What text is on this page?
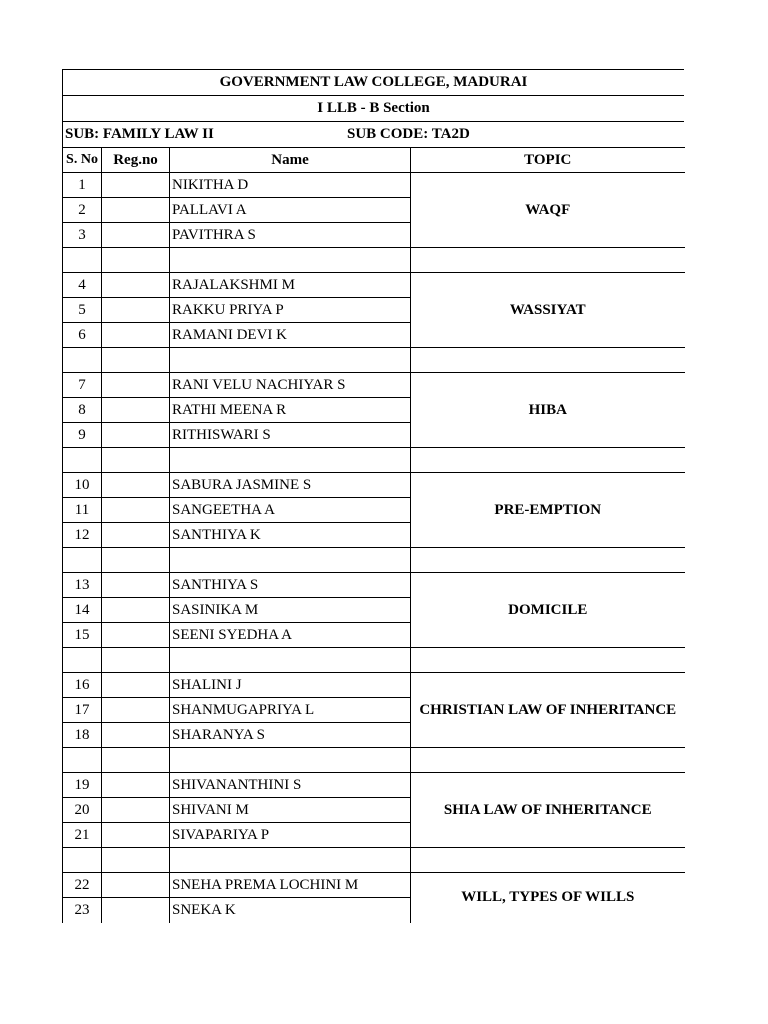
GOVERNMENT LAW COLLEGE, MADURAI
I LLB - B Section
SUB: FAMILY LAW II	SUB CODE: TA2D
S. No	Reg.no	Name	TOPIC
1		NIKITHA D	WAQF
2		PALLAVI A	
3		PAVITHRA S	

4		RAJALAKSHMI M	WASSIYAT
5		RAKKU PRIYA P	
6		RAMANI DEVI K	

7		RANI VELU NACHIYAR S	HIBA
8		RATHI MEENA R	
9		RITHISWARI S	

10		SABURA JASMINE S	PRE-EMPTION
11		SANGEETHA A	
12		SANTHIYA K	

13		SANTHIYA S	DOMICILE
14		SASINIKA M	
15		SEENI SYEDHA A	

16		SHALINI J	CHRISTIAN LAW OF INHERITANCE
17		SHANMUGAPRIYA L	
18		SHARANYA S	

19		SHIVANANTHINI S	SHIA LAW OF INHERITANCE
20		SHIVANI M	
21		SIVAPARIYA P	

22		SNEHA PREMA LOCHINI M	WILL, TYPES OF WILLS
23		SNEKA K	
